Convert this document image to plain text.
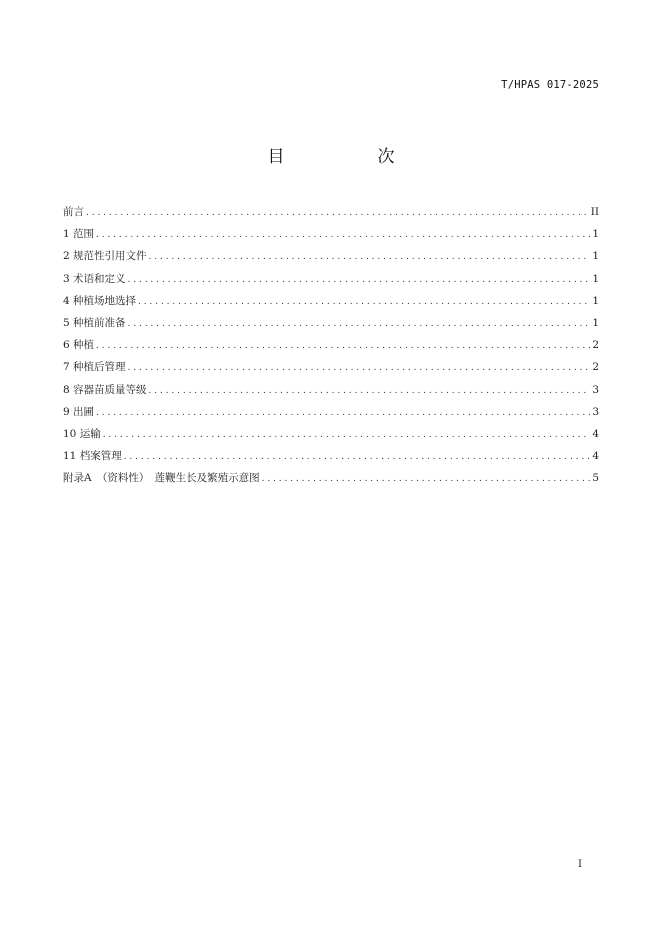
T/HPAS 017-2025
目　次
前言 . . .	II
1 范围 . . .	1
2 规范性引用文件 . . .	1
3 术语和定义 . . .	1
4 种植场地选择 . . .	1
5 种植前准备 . . .	1
6 种植 . . .	2
7 种植后管理 . . .	2
8 容器苗质量等级 . . .	3
9 出圃 . . .	3
10 运输 . . .	4
11 档案管理 . . .	4
附录A　（资料性）　莲鞭生长及繁殖示意图 . . .	5
I
